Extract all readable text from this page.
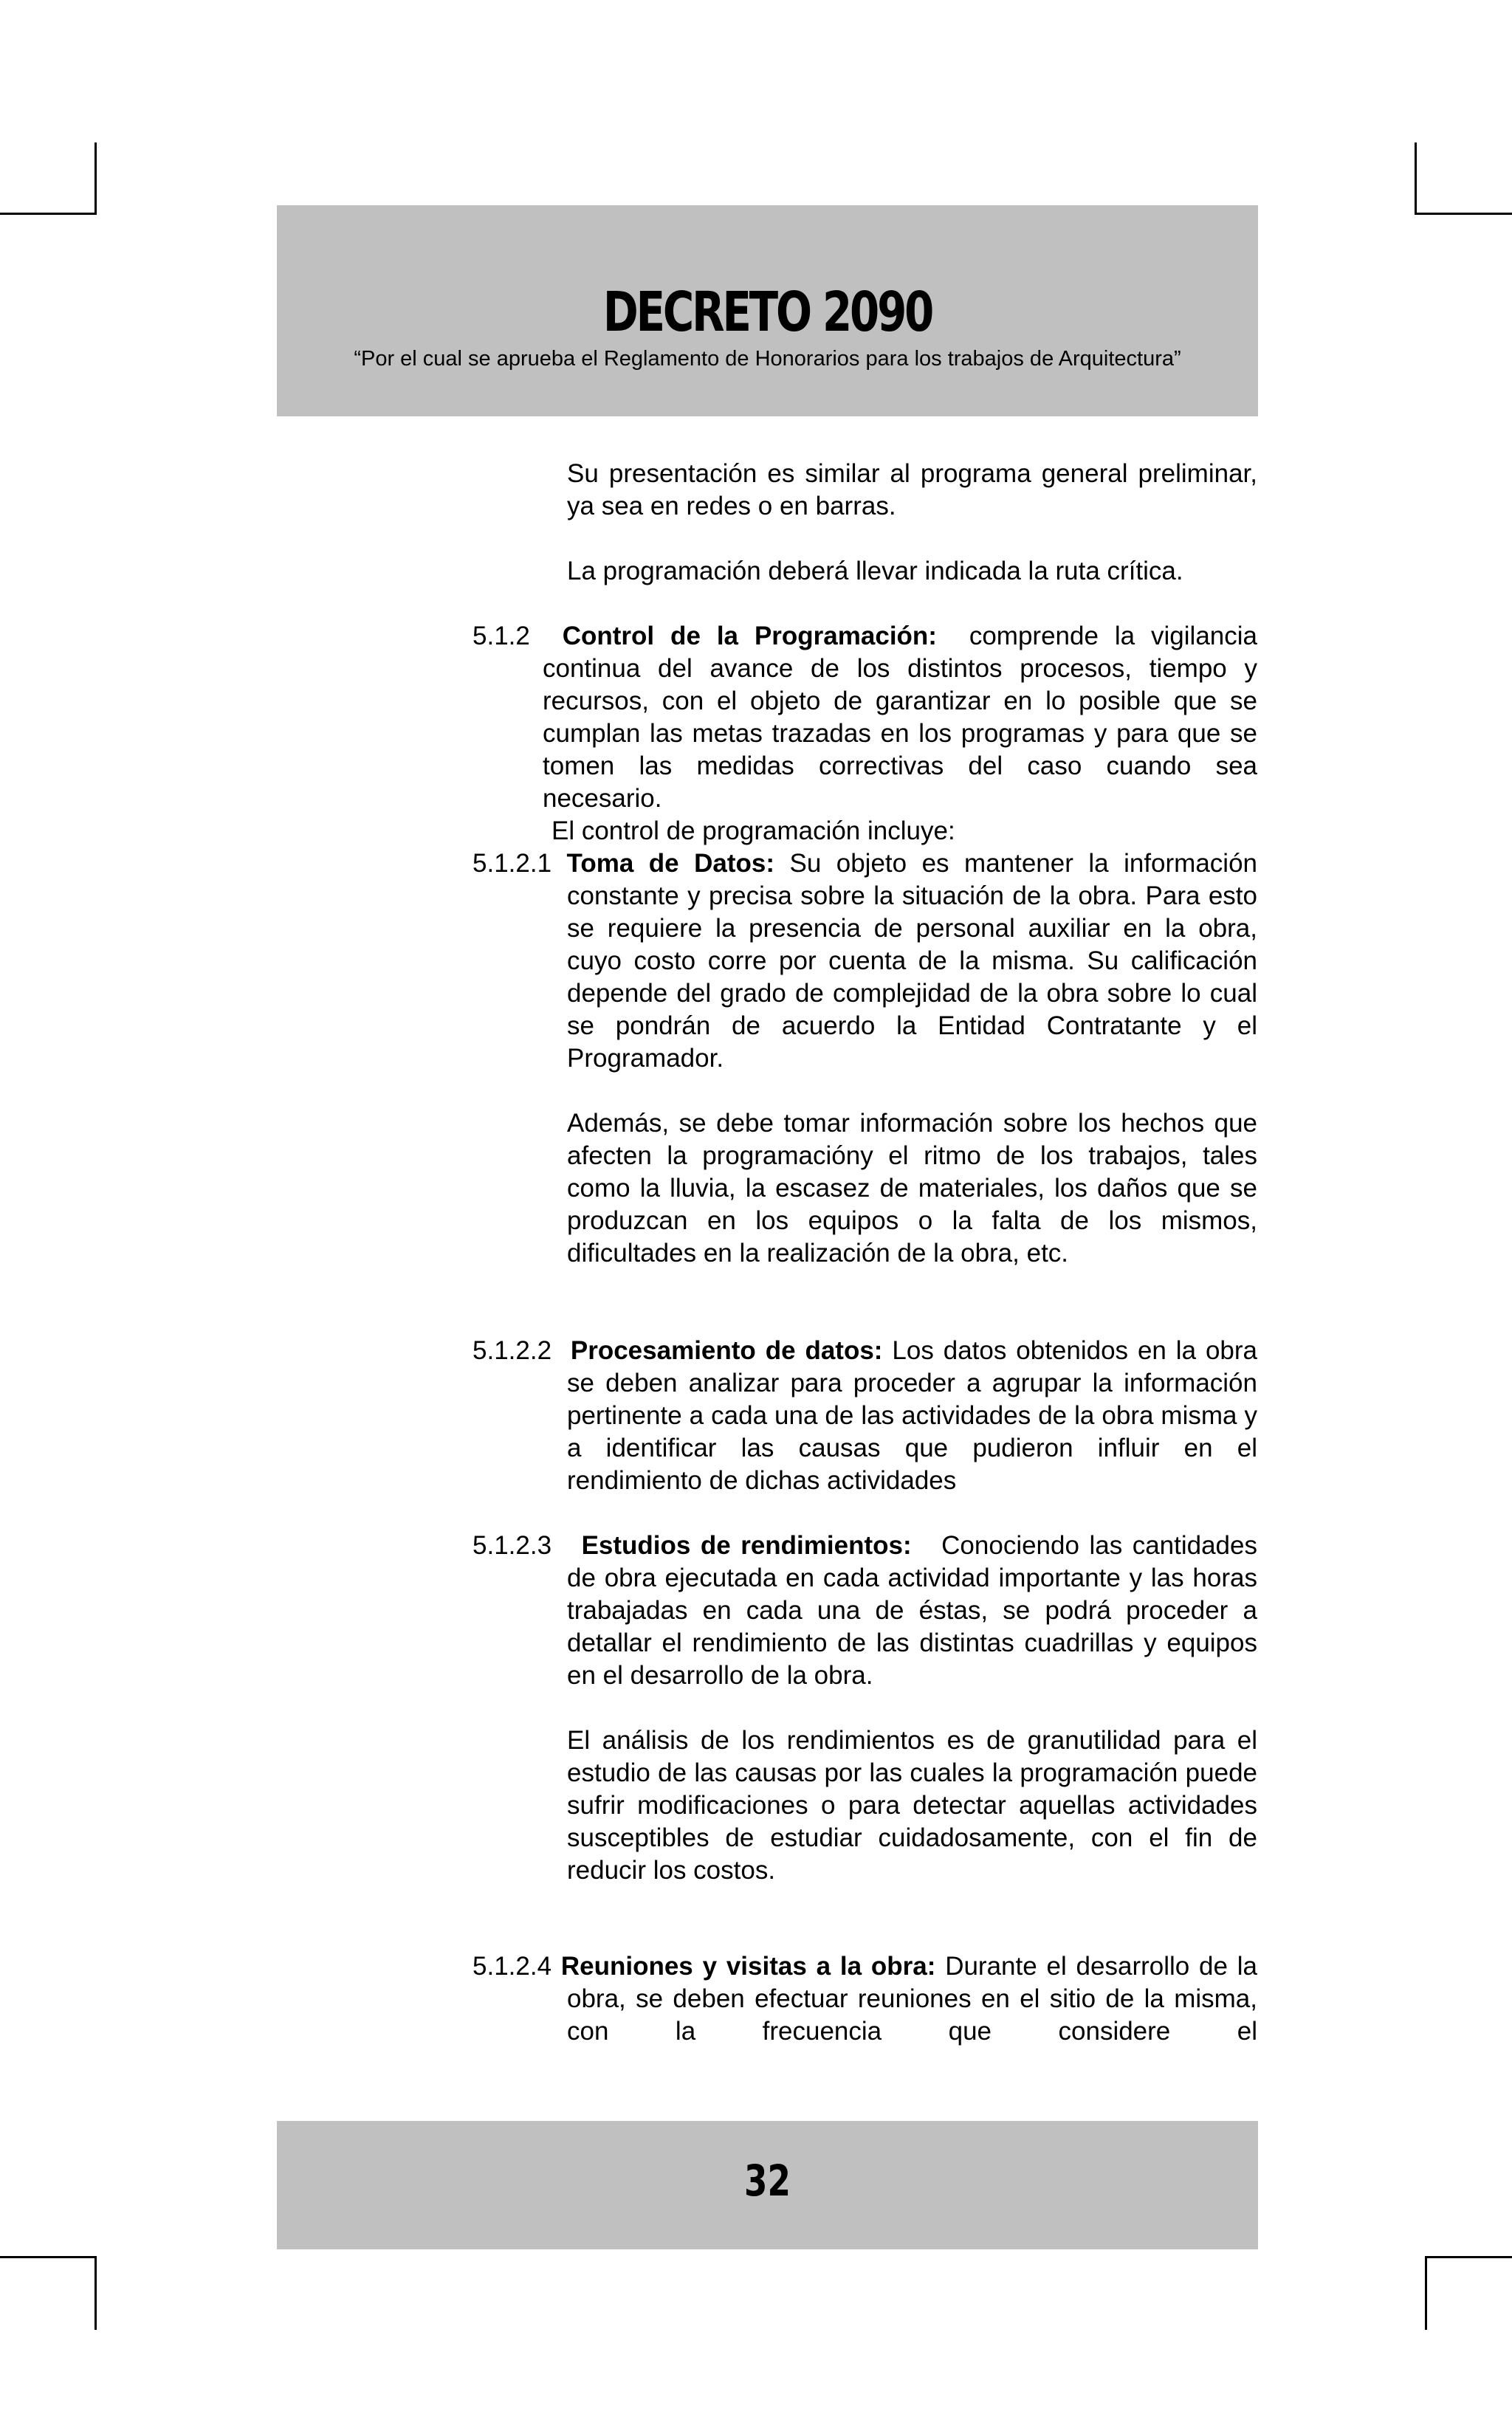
DECRETO 2090
“Por el cual se aprueba el Reglamento de Honorarios para los trabajos de Arquitectura”
Su presentación es similar al programa general preliminar, ya sea en redes o en barras.
La programación deberá llevar indicada la ruta crítica.
5.1.2 Control de la Programación: comprende la vigilancia continua del avance de los distintos procesos, tiempo y recursos, con el objeto de garantizar en lo posible que se cumplan las metas trazadas en los programas y para que se tomen las medidas correctivas del caso cuando sea necesario.
El control de programación incluye:
5.1.2.1 Toma de Datos: Su objeto es mantener la información constante y precisa sobre la situación de la obra. Para esto se requiere la presencia de personal auxiliar en la obra, cuyo costo corre por cuenta de la misma. Su calificación depende del grado de complejidad de la obra sobre lo cual se pondrán de acuerdo la Entidad Contratante y el Programador.
Además, se debe tomar información sobre los hechos que afecten la programacióny el ritmo de los trabajos, tales como la lluvia, la escasez de materiales, los daños que se produzcan en los equipos o la falta de los mismos, dificultades en la realización de la obra, etc.
5.1.2.2 Procesamiento de datos: Los datos obtenidos en la obra se deben analizar para proceder a agrupar la información pertinente a cada una de las actividades de la obra misma y a identificar las causas que pudieron influir en el rendimiento de dichas actividades
5.1.2.3 Estudios de rendimientos: Conociendo las cantidades de obra ejecutada en cada actividad importante y las horas trabajadas en cada una de éstas, se podrá proceder a detallar el rendimiento de las distintas cuadrillas y equipos en el desarrollo de la obra.
El análisis de los rendimientos es de granutilidad para el estudio de las causas por las cuales la programación puede sufrir modificaciones o para detectar aquellas actividades susceptibles de estudiar cuidadosamente, con el fin de reducir los costos.
5.1.2.4 Reuniones y visitas a la obra: Durante el desarrollo de la obra, se deben efectuar reuniones en el sitio de la misma, con la frecuencia que considere el
32
